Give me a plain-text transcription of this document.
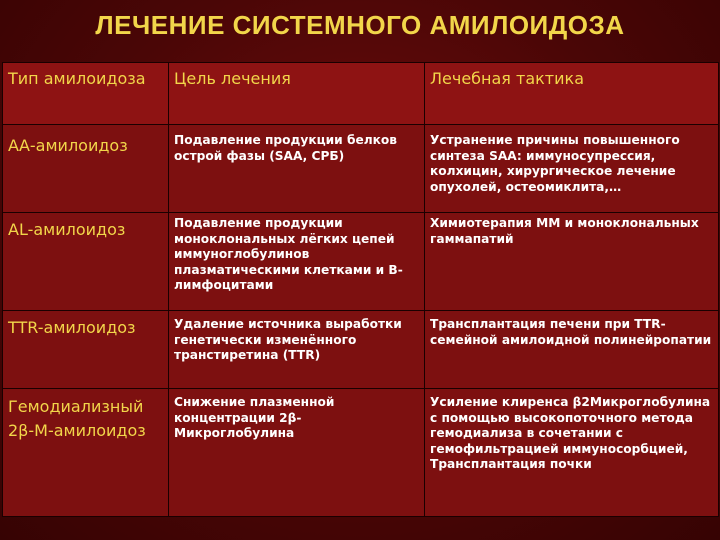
ЛЕЧЕНИЕ СИСТЕМНОГО АМИЛОИДОЗА
Тип амилоидоза	Цель лечения	Лечебная тактика
АА-амилоидоз	Подавление продукции белков острой фазы (SAA, СРБ)	Устранение причины повышенного синтеза SAA: иммуносупрессия, колхицин, хирургическое лечение опухолей, остеомиклита,…
AL-амилоидоз	Подавление продукции моноклональных лёгких цепей иммуноглобулинов плазматическими клетками и В-лимфоцитами	Химиотерапия ММ и моноклональных гаммапатий
TTR-амилоидоз	Удаление источника выработки генетически изменённого транстиретина (TTR)	Трансплантация печени при TTR-семейной амилоидной полинейропатии
Гемодиализный 2β-М-амилоидоз	Снижение плазменной концентрации 2β-Микроглобулина	Усиление клиренса β2Микроглобулина с помощью высокопоточного метода гемодиализа в сочетании с гемофильтрацией иммуносорбцией, Трансплантация почки
